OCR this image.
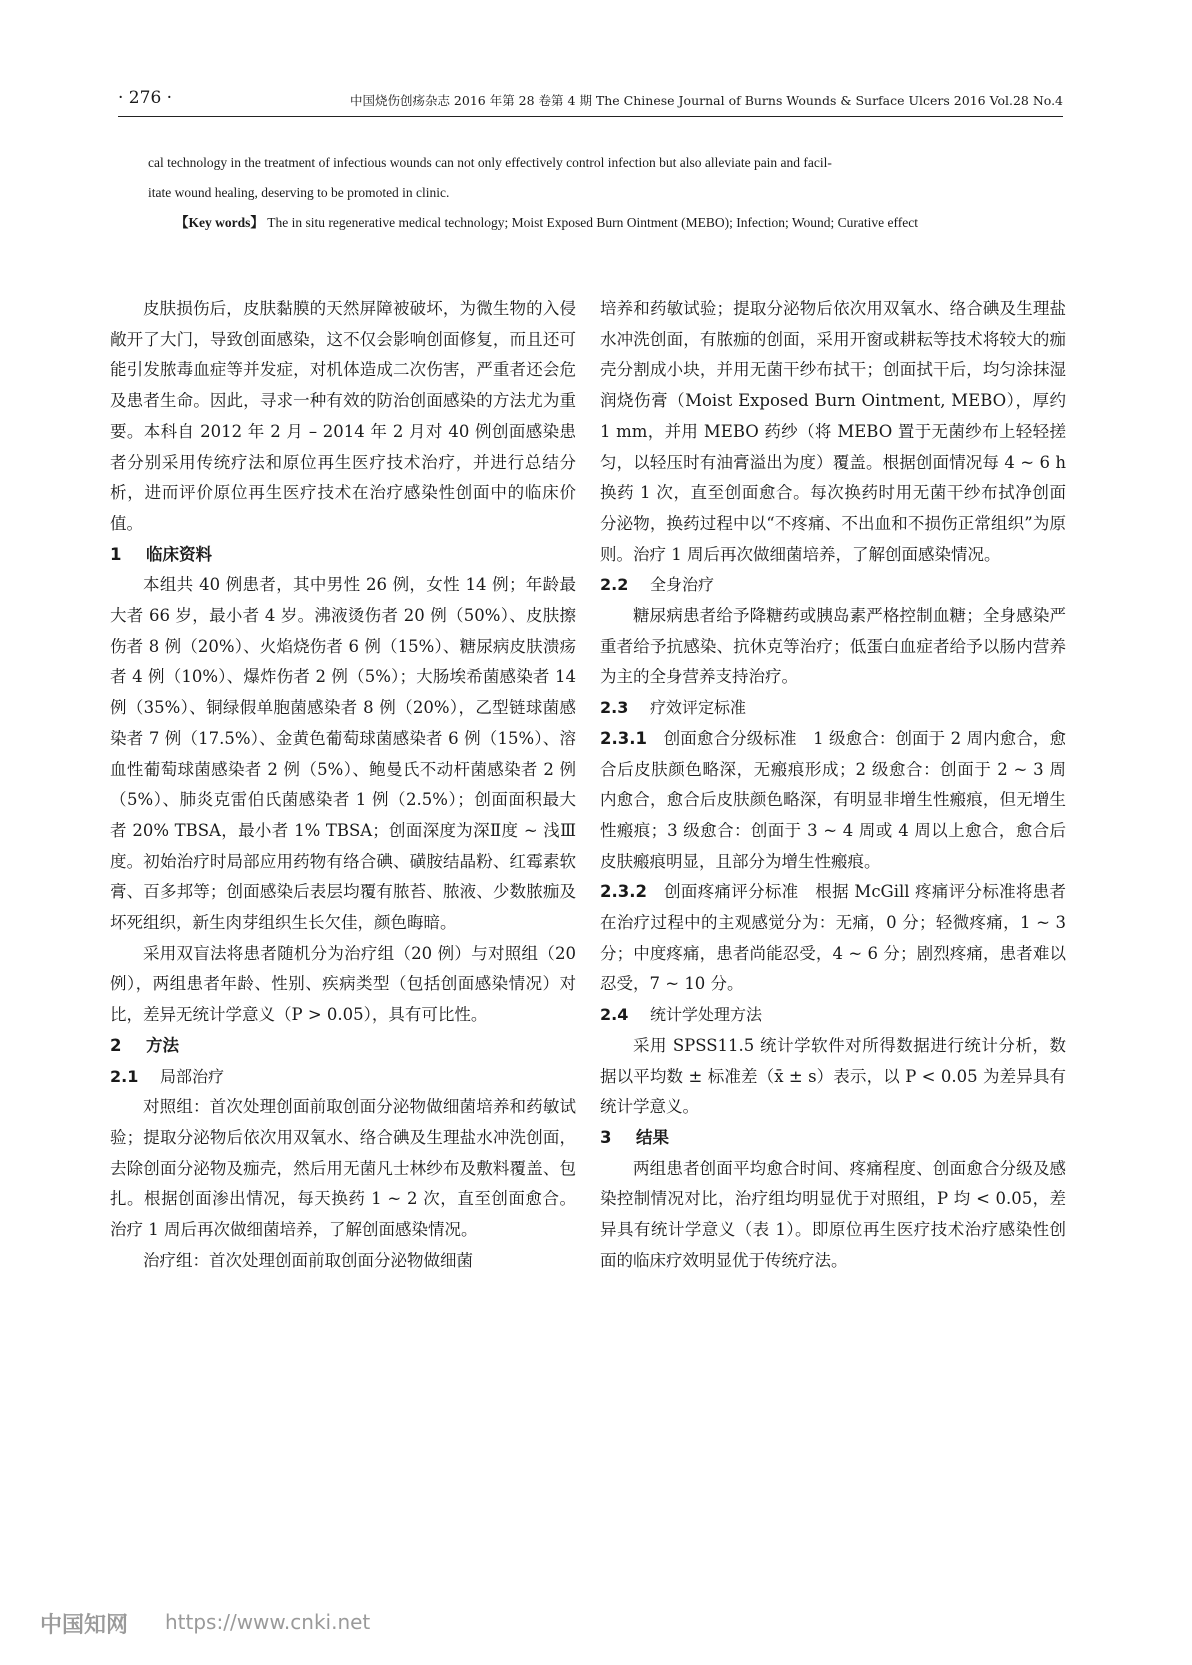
· 276 ·	中国烧伤创疡杂志 2016 年第 28 卷第 4 期 The Chinese Journal of Burns Wounds & Surface Ulcers 2016 Vol.28 No.4

cal technology in the treatment of infectious wounds can not only effectively control infection but also alleviate pain and facil-

itate wound healing, deserving to be promoted in clinic.

【Key words】 The in situ regenerative medical technology; Moist Exposed Burn Ointment (MEBO); Infection; Wound; Curative effect

皮肤损伤后，皮肤黏膜的天然屏障被破坏，为微生物的入侵敞开了大门，导致创面感染，这不仅会影响创面修复，而且还可能引发脓毒血症等并发症，对机体造成二次伤害，严重者还会危及患者生命。因此，寻求一种有效的防治创面感染的方法尤为重要。本科自 2012 年 2 月 – 2014 年 2 月对 40 例创面感染患者分别采用传统疗法和原位再生医疗技术治疗，并进行总结分析，进而评价原位再生医疗技术在治疗感染性创面中的临床价值。

1 临床资料

本组共 40 例患者，其中男性 26 例，女性 14 例；年龄最大者 66 岁，最小者 4 岁。沸液烫伤者 20 例（50%）、皮肤擦伤者 8 例（20%）、火焰烧伤者 6 例（15%）、糖尿病皮肤溃疡者 4 例（10%）、爆炸伤者 2 例（5%）；大肠埃希菌感染者 14 例（35%）、铜绿假单胞菌感染者 8 例（20%），乙型链球菌感染者 7 例（17.5%）、金黄色葡萄球菌感染者 6 例（15%）、溶血性葡萄球菌感染者 2 例（5%）、鲍曼氏不动杆菌感染者 2 例（5%）、肺炎克雷伯氏菌感染者 1 例（2.5%）；创面面积最大者 20% TBSA，最小者 1% TBSA；创面深度为深Ⅱ度 ~ 浅Ⅲ度。初始治疗时局部应用药物有络合碘、磺胺结晶粉、红霉素软膏、百多邦等；创面感染后表层均覆有脓苔、脓液、少数脓痂及坏死组织，新生肉芽组织生长欠佳，颜色晦暗。

采用双盲法将患者随机分为治疗组（20 例）与对照组（20 例），两组患者年龄、性别、疾病类型（包括创面感染情况）对比，差异无统计学意义（P > 0.05），具有可比性。

2 方法
2.1 局部治疗

对照组：首次处理创面前取创面分泌物做细菌培养和药敏试验；提取分泌物后依次用双氧水、络合碘及生理盐水冲洗创面，去除创面分泌物及痂壳，然后用无菌凡士林纱布及敷料覆盖、包扎。根据创面渗出情况，每天换药 1 ~ 2 次，直至创面愈合。治疗 1 周后再次做细菌培养，了解创面感染情况。

治疗组：首次处理创面前取创面分泌物做细菌

培养和药敏试验；提取分泌物后依次用双氧水、络合碘及生理盐水冲洗创面，有脓痂的创面，采用开窗或耕耘等技术将较大的痂壳分割成小块，并用无菌干纱布拭干；创面拭干后，均匀涂抹湿润烧伤膏（Moist Exposed Burn Ointment, MEBO），厚约 1 mm，并用 MEBO 药纱（将 MEBO 置于无菌纱布上轻轻搓匀，以轻压时有油膏溢出为度）覆盖。根据创面情况每 4 ~ 6 h 换药 1 次，直至创面愈合。每次换药时用无菌干纱布拭净创面分泌物，换药过程中以“不疼痛、不出血和不损伤正常组织”为原则。治疗 1 周后再次做细菌培养，了解创面感染情况。

2.2 全身治疗

糖尿病患者给予降糖药或胰岛素严格控制血糖；全身感染严重者给予抗感染、抗休克等治疗；低蛋白血症者给予以肠内营养为主的全身营养支持治疗。

2.3 疗效评定标准

2.3.1　 创面愈合分级标准　1 级愈合：创面于 2 周内愈合，愈合后皮肤颜色略深，无瘢痕形成；2 级愈合：创面于 2 ~ 3 周内愈合，愈合后皮肤颜色略深，有明显非增生性瘢痕，但无增生性瘢痕；3 级愈合：创面于 3 ~ 4 周或 4 周以上愈合，愈合后皮肤瘢痕明显，且部分为增生性瘢痕。

2.3.2　 创面疼痛评分标准　根据 McGill 疼痛评分标准将患者在治疗过程中的主观感觉分为：无痛，0 分；轻微疼痛，1 ~ 3 分；中度疼痛，患者尚能忍受，4 ~ 6 分；剧烈疼痛，患者难以忍受，7 ~ 10 分。

2.4 统计学处理方法

采用 SPSS11.5 统计学软件对所得数据进行统计分析，数据以平均数 ± 标准差（x̄ ± s）表示，以 P < 0.05 为差异具有统计学意义。

3 结果

两组患者创面平均愈合时间、疼痛程度、创面愈合分级及感染控制情况对比，治疗组均明显优于对照组，P 均 < 0.05，差异具有统计学意义（表 1）。即原位再生医疗技术治疗感染性创面的临床疗效明显优于传统疗法。

中国知网 https://www.cnki.net
